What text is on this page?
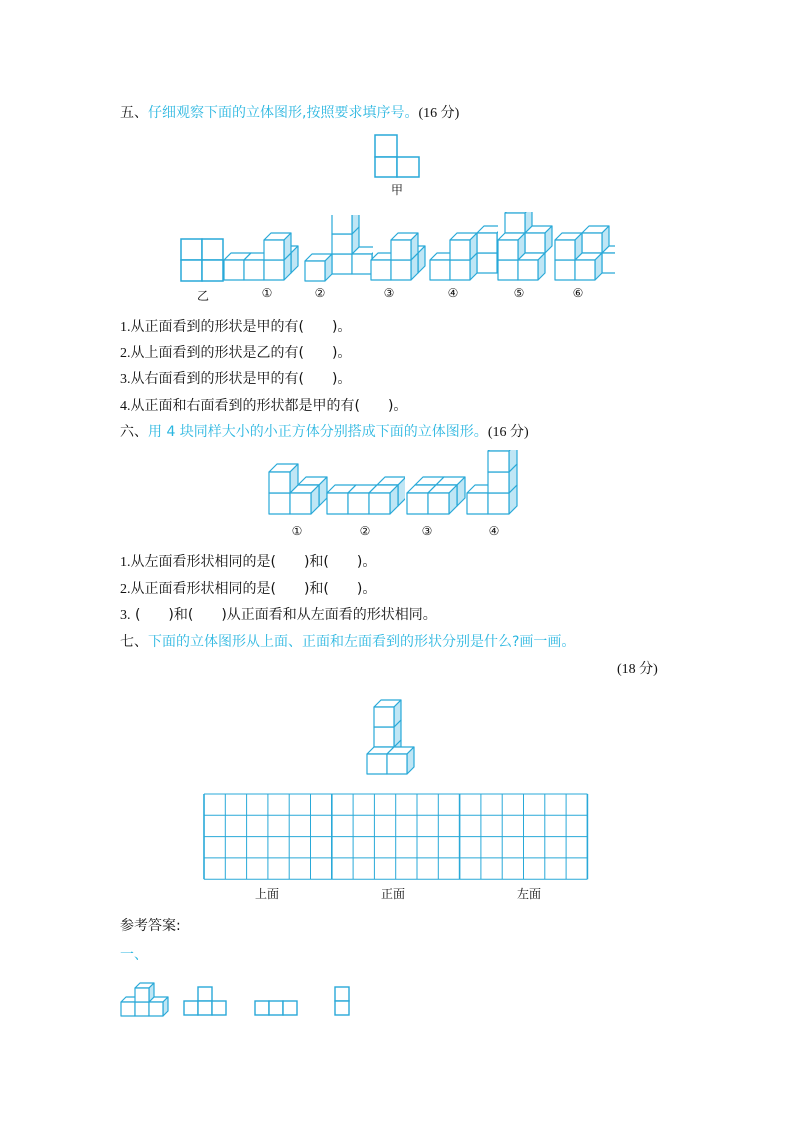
五、仔细观察下面的立体图形,按照要求填序号。(16 分)
甲
乙	①	②	③	④	⑤	⑥
1.从正面看到的形状是甲的有(　　)。
2.从上面看到的形状是乙的有(　　)。
3.从右面看到的形状是甲的有(　　)。
4.从正面和右面看到的形状都是甲的有(　　)。
六、用 4 块同样大小的小正方体分别搭成下面的立体图形。(16 分)
①	②	③	④
1.从左面看形状相同的是(　　)和(　　)。
2.从正面看形状相同的是(　　)和(　　)。
3. (　　)和(　　)从正面看和从左面看的形状相同。
七、下面的立体图形从上面、正面和左面看到的形状分别是什么?画一画。
(18 分)
上面	正面	左面
参考答案:
一、
